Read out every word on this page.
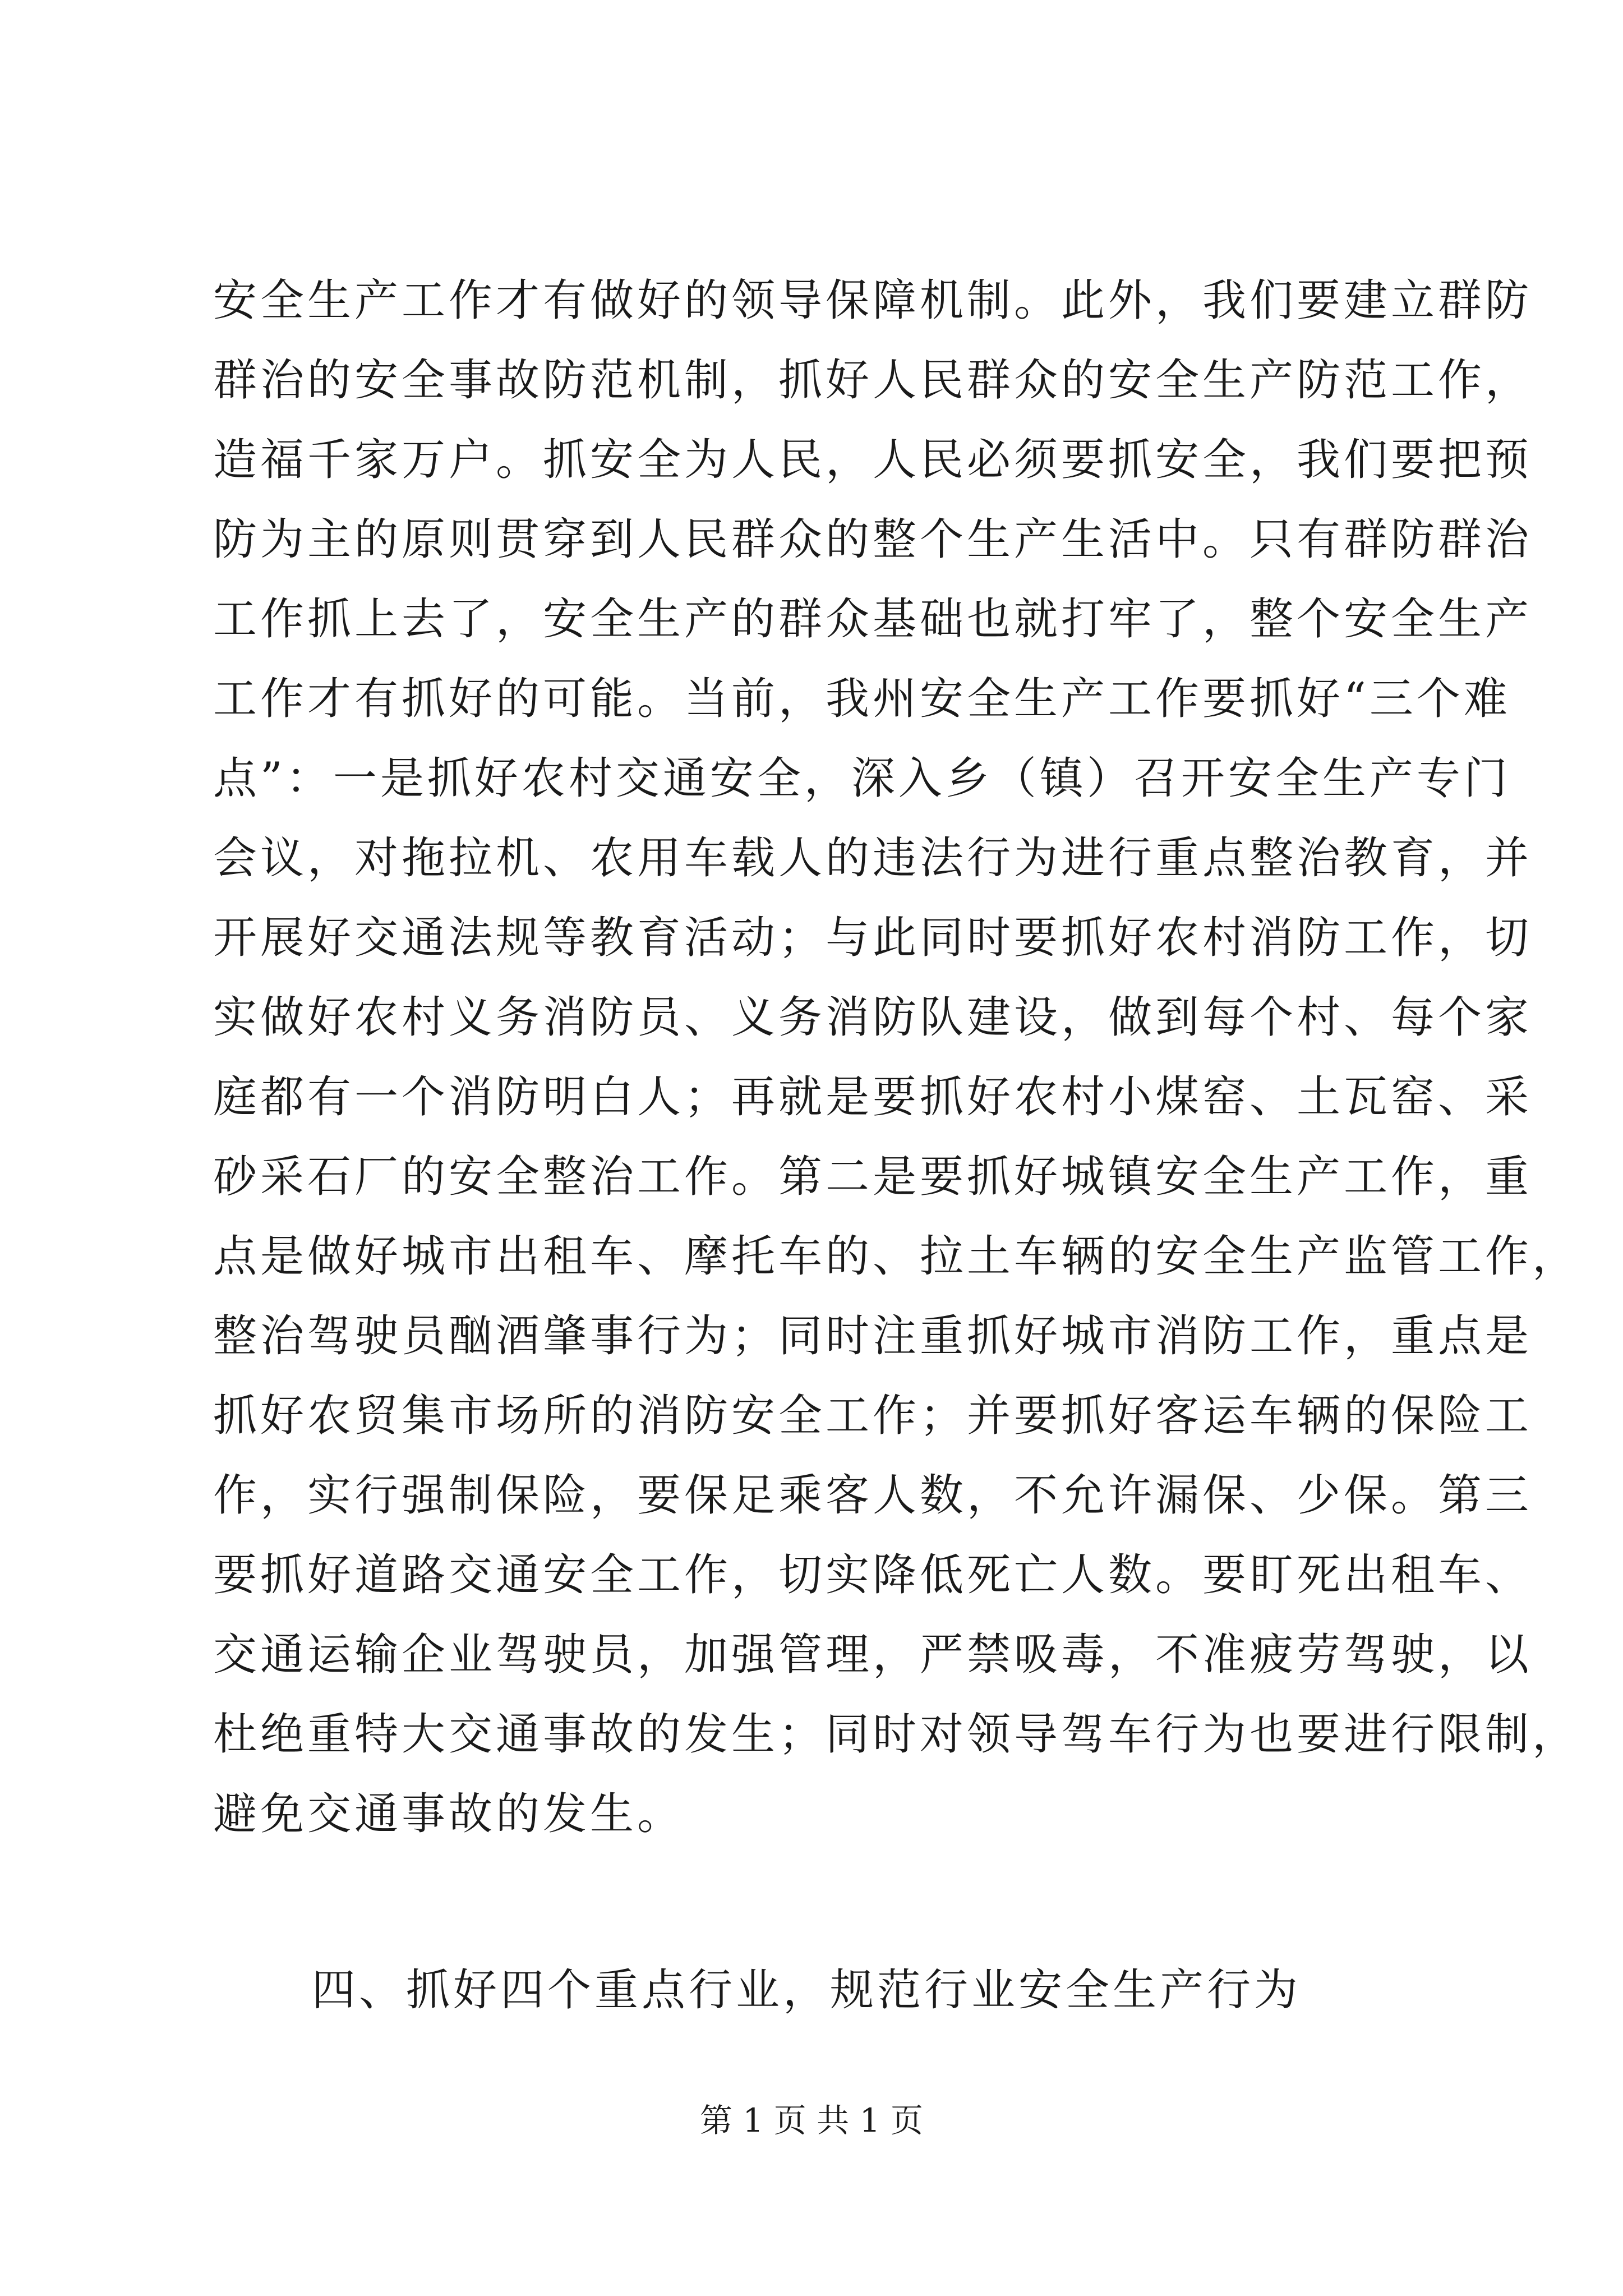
安全生产工作才有做好的领导保障机制。此外，我们要建立群防
群治的安全事故防范机制，抓好人民群众的安全生产防范工作，
造福千家万户。抓安全为人民，人民必须要抓安全，我们要把预
防为主的原则贯穿到人民群众的整个生产生活中。只有群防群治
工作抓上去了，安全生产的群众基础也就打牢了，整个安全生产
工作才有抓好的可能。当前，我州安全生产工作要抓好“三个难
点”：一是抓好农村交通安全，深入乡（镇）召开安全生产专门
会议，对拖拉机、农用车载人的违法行为进行重点整治教育，并
开展好交通法规等教育活动；与此同时要抓好农村消防工作，切
实做好农村义务消防员、义务消防队建设，做到每个村、每个家
庭都有一个消防明白人；再就是要抓好农村小煤窑、土瓦窑、采
砂采石厂的安全整治工作。第二是要抓好城镇安全生产工作，重
点是做好城市出租车、摩托车的、拉土车辆的安全生产监管工作，
整治驾驶员酗酒肇事行为；同时注重抓好城市消防工作，重点是
抓好农贸集市场所的消防安全工作；并要抓好客运车辆的保险工
作，实行强制保险，要保足乘客人数，不允许漏保、少保。第三
要抓好道路交通安全工作，切实降低死亡人数。要盯死出租车、
交通运输企业驾驶员，加强管理，严禁吸毒，不准疲劳驾驶，以
杜绝重特大交通事故的发生；同时对领导驾车行为也要进行限制，
避免交通事故的发生。
四、抓好四个重点行业，规范行业安全生产行为
第 1 页 共 1 页
